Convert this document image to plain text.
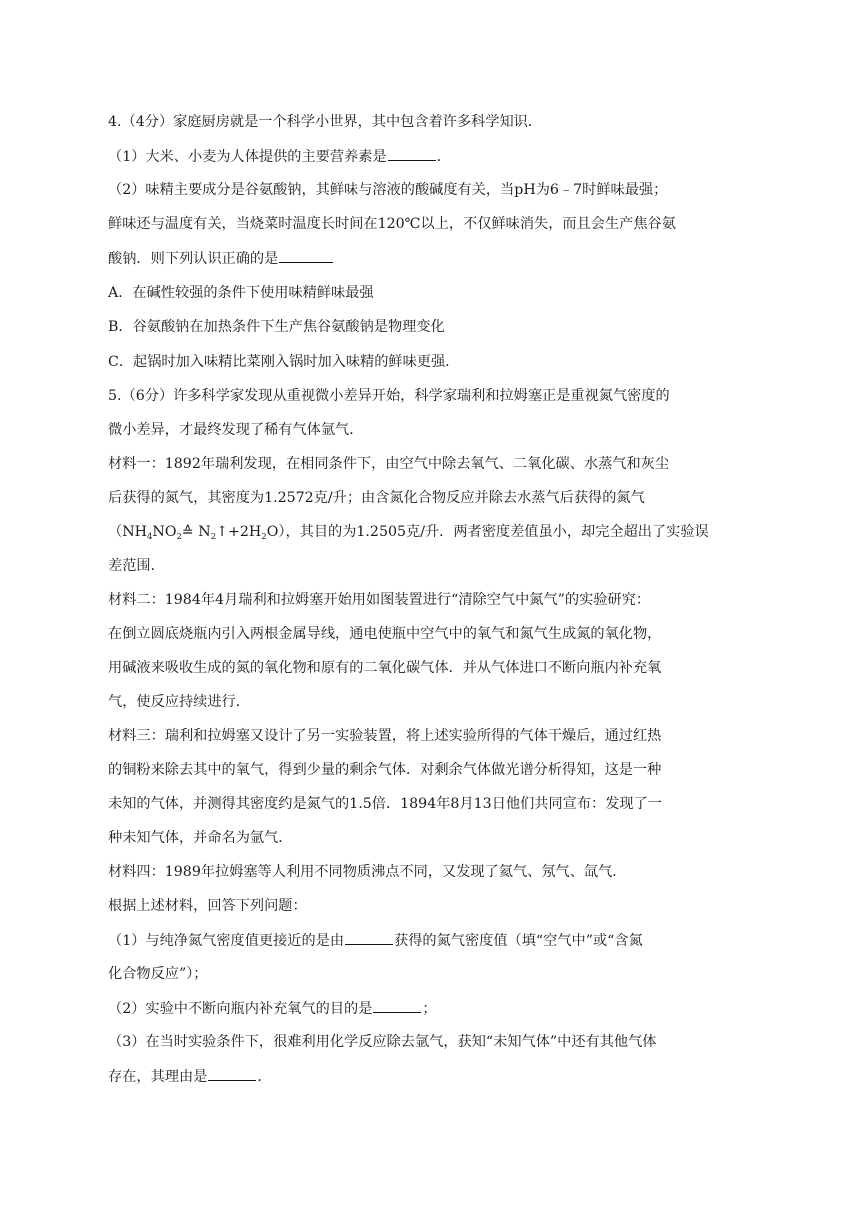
4.（4分）家庭厨房就是一个科学小世界，其中包含着许多科学知识．
（1）大米、小麦为人体提供的主要营养素是	．
（2）味精主要成分是谷氨酸钠，其鲜味与溶液的酸碱度有关，当pH为6﹣7时鲜味最强；
鲜味还与温度有关，当烧菜时温度长时间在120℃以上，不仅鲜味消失，而且会生产焦谷氨
酸钠．则下列认识正确的是
A．在碱性较强的条件下使用味精鲜味最强
B．谷氨酸钠在加热条件下生产焦谷氨酸钠是物理变化
C．起锅时加入味精比菜刚入锅时加入味精的鲜味更强．
5.（6分）许多科学家发现从重视微小差异开始，科学家瑞利和拉姆塞正是重视氮气密度的
微小差异，才最终发现了稀有气体氩气．
材料一：1892年瑞利发现，在相同条件下，由空气中除去氧气、二氧化碳、水蒸气和灰尘
后获得的氮气，其密度为1.2572克/升；由含氮化合物反应并除去水蒸气后获得的氮气
（$NH_4NO_2≙$ $N_2↑+2H_2O$），其目的为1.2505克/升．两者密度差值虽小，却完全超出了实验误
差范围．
材料二：1984年4月瑞利和拉姆塞开始用如图装置进行“清除空气中氮气”的实验研究：
在倒立圆底烧瓶内引入两根金属导线，通电使瓶中空气中的氧气和氮气生成氮的氧化物，
用碱液来吸收生成的氮的氧化物和原有的二氧化碳气体．并从气体进口不断向瓶内补充氧
气，使反应持续进行．
材料三：瑞利和拉姆塞又设计了另一实验装置，将上述实验所得的气体干燥后，通过红热
的铜粉来除去其中的氧气，得到少量的剩余气体．对剩余气体做光谱分析得知，这是一种
未知的气体，并测得其密度约是氮气的1.5倍．1894年8月13日他们共同宣布：发现了一
种未知气体，并命名为氩气．
材料四：1989年拉姆塞等人利用不同物质沸点不同，又发现了氦气、氖气、氙气．
根据上述材料，回答下列问题：
（1）与纯净氮气密度值更接近的是由	获得的氮气密度值（填“空气中”或“含氮
化合物反应”）；
（2）实验中不断向瓶内补充氧气的目的是	；
（3）在当时实验条件下，很难利用化学反应除去氩气，获知“未知气体”中还有其他气体
存在，其理由是	．
